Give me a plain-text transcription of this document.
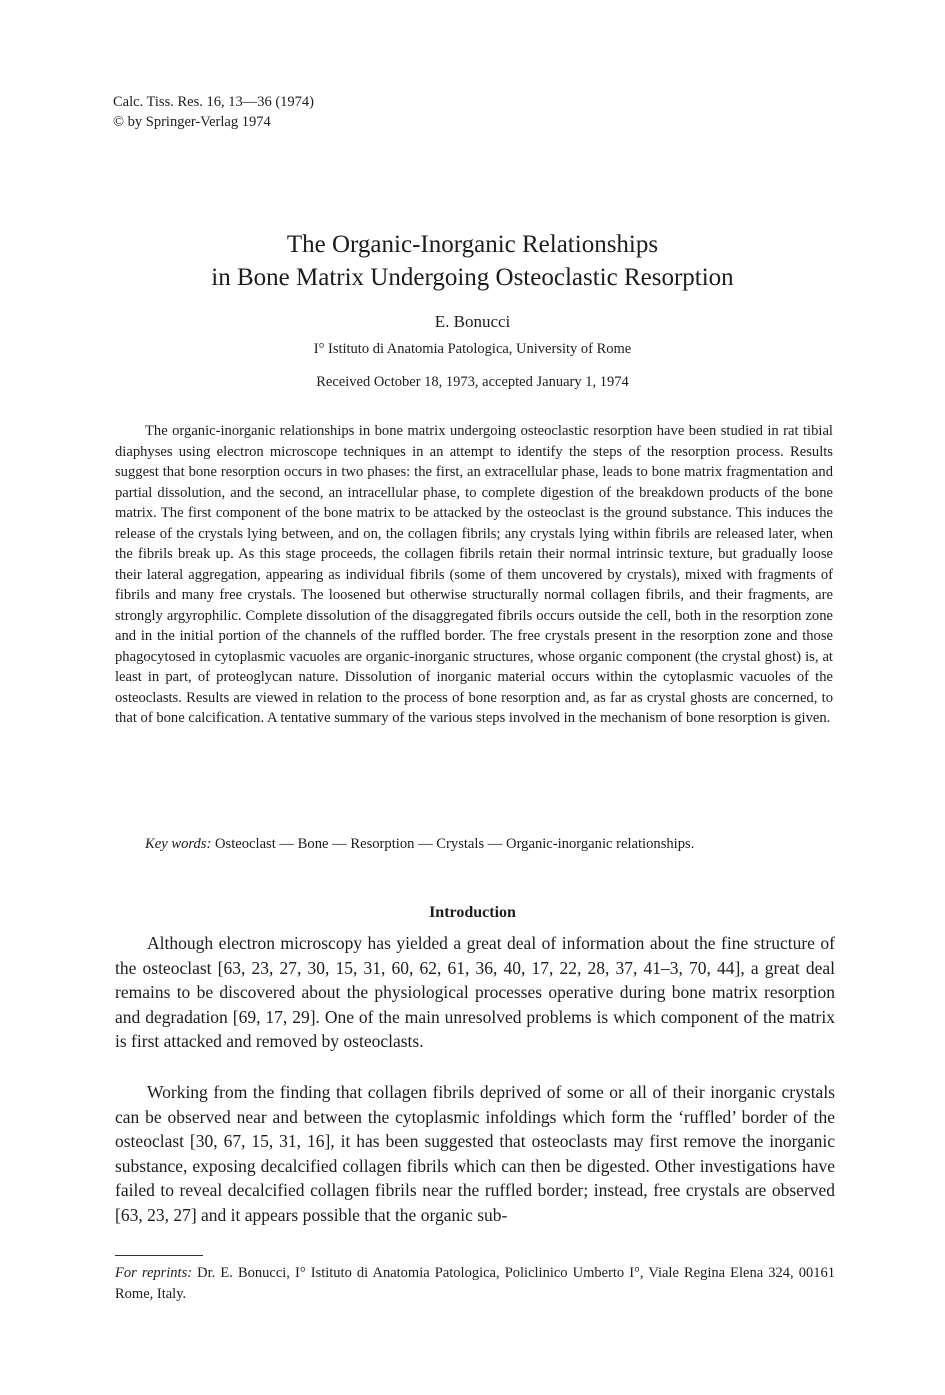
Calc. Tiss. Res. 16, 13—36 (1974)
© by Springer-Verlag 1974
The Organic-Inorganic Relationships
in Bone Matrix Undergoing Osteoclastic Resorption
E. Bonucci
I° Istituto di Anatomia Patologica, University of Rome
Received October 18, 1973, accepted January 1, 1974

The organic-inorganic relationships in bone matrix undergoing osteoclastic resorption have been studied in rat tibial diaphyses using electron microscope techniques in an attempt to identify the steps of the resorption process. Results suggest that bone resorption occurs in two phases: the first, an extracellular phase, leads to bone matrix fragmentation and partial dissolution, and the second, an intracellular phase, to complete digestion of the breakdown products of the bone matrix. The first component of the bone matrix to be attacked by the osteoclast is the ground substance. This induces the release of the crystals lying between, and on, the collagen fibrils; any crystals lying within fibrils are released later, when the fibrils break up. As this stage proceeds, the collagen fibrils retain their normal intrinsic texture, but gradually loose their lateral aggregation, appearing as individual fibrils (some of them uncovered by crystals), mixed with fragments of fibrils and many free crystals. The loosened but otherwise structurally normal collagen fibrils, and their fragments, are strongly argyrophilic. Complete dissolution of the disaggregated fibrils occurs outside the cell, both in the resorption zone and in the initial portion of the channels of the ruffled border. The free crystals present in the resorption zone and those phagocytosed in cytoplasmic vacuoles are organic-inorganic structures, whose organic component (the crystal ghost) is, at least in part, of proteoglycan nature. Dissolution of inorganic material occurs within the cytoplasmic vacuoles of the osteoclasts. Results are viewed in relation to the process of bone resorption and, as far as crystal ghosts are concerned, to that of bone calcification. A tentative summary of the various steps involved in the mechanism of bone resorption is given.

Key words: Osteoclast — Bone — Resorption — Crystals — Organic-inorganic relationships.

Introduction

Although electron microscopy has yielded a great deal of information about the fine structure of the osteoclast [63, 23, 27, 30, 15, 31, 60, 62, 61, 36, 40, 17, 22, 28, 37, 41–3, 70, 44], a great deal remains to be discovered about the physiological processes operative during bone matrix resorption and degradation [69, 17, 29]. One of the main unresolved problems is which component of the matrix is first attacked and removed by osteoclasts.

Working from the finding that collagen fibrils deprived of some or all of their inorganic crystals can be observed near and between the cytoplasmic infoldings which form the ‘ruffled’ border of the osteoclast [30, 67, 15, 31, 16], it has been suggested that osteoclasts may first remove the inorganic substance, exposing decalcified collagen fibrils which can then be digested. Other investigations have failed to reveal decalcified collagen fibrils near the ruffled border; instead, free crystals are observed [63, 23, 27] and it appears possible that the organic sub-

For reprints: Dr. E. Bonucci, I° Istituto di Anatomia Patologica, Policlinico Umberto I°, Viale Regina Elena 324, 00161 Rome, Italy.
